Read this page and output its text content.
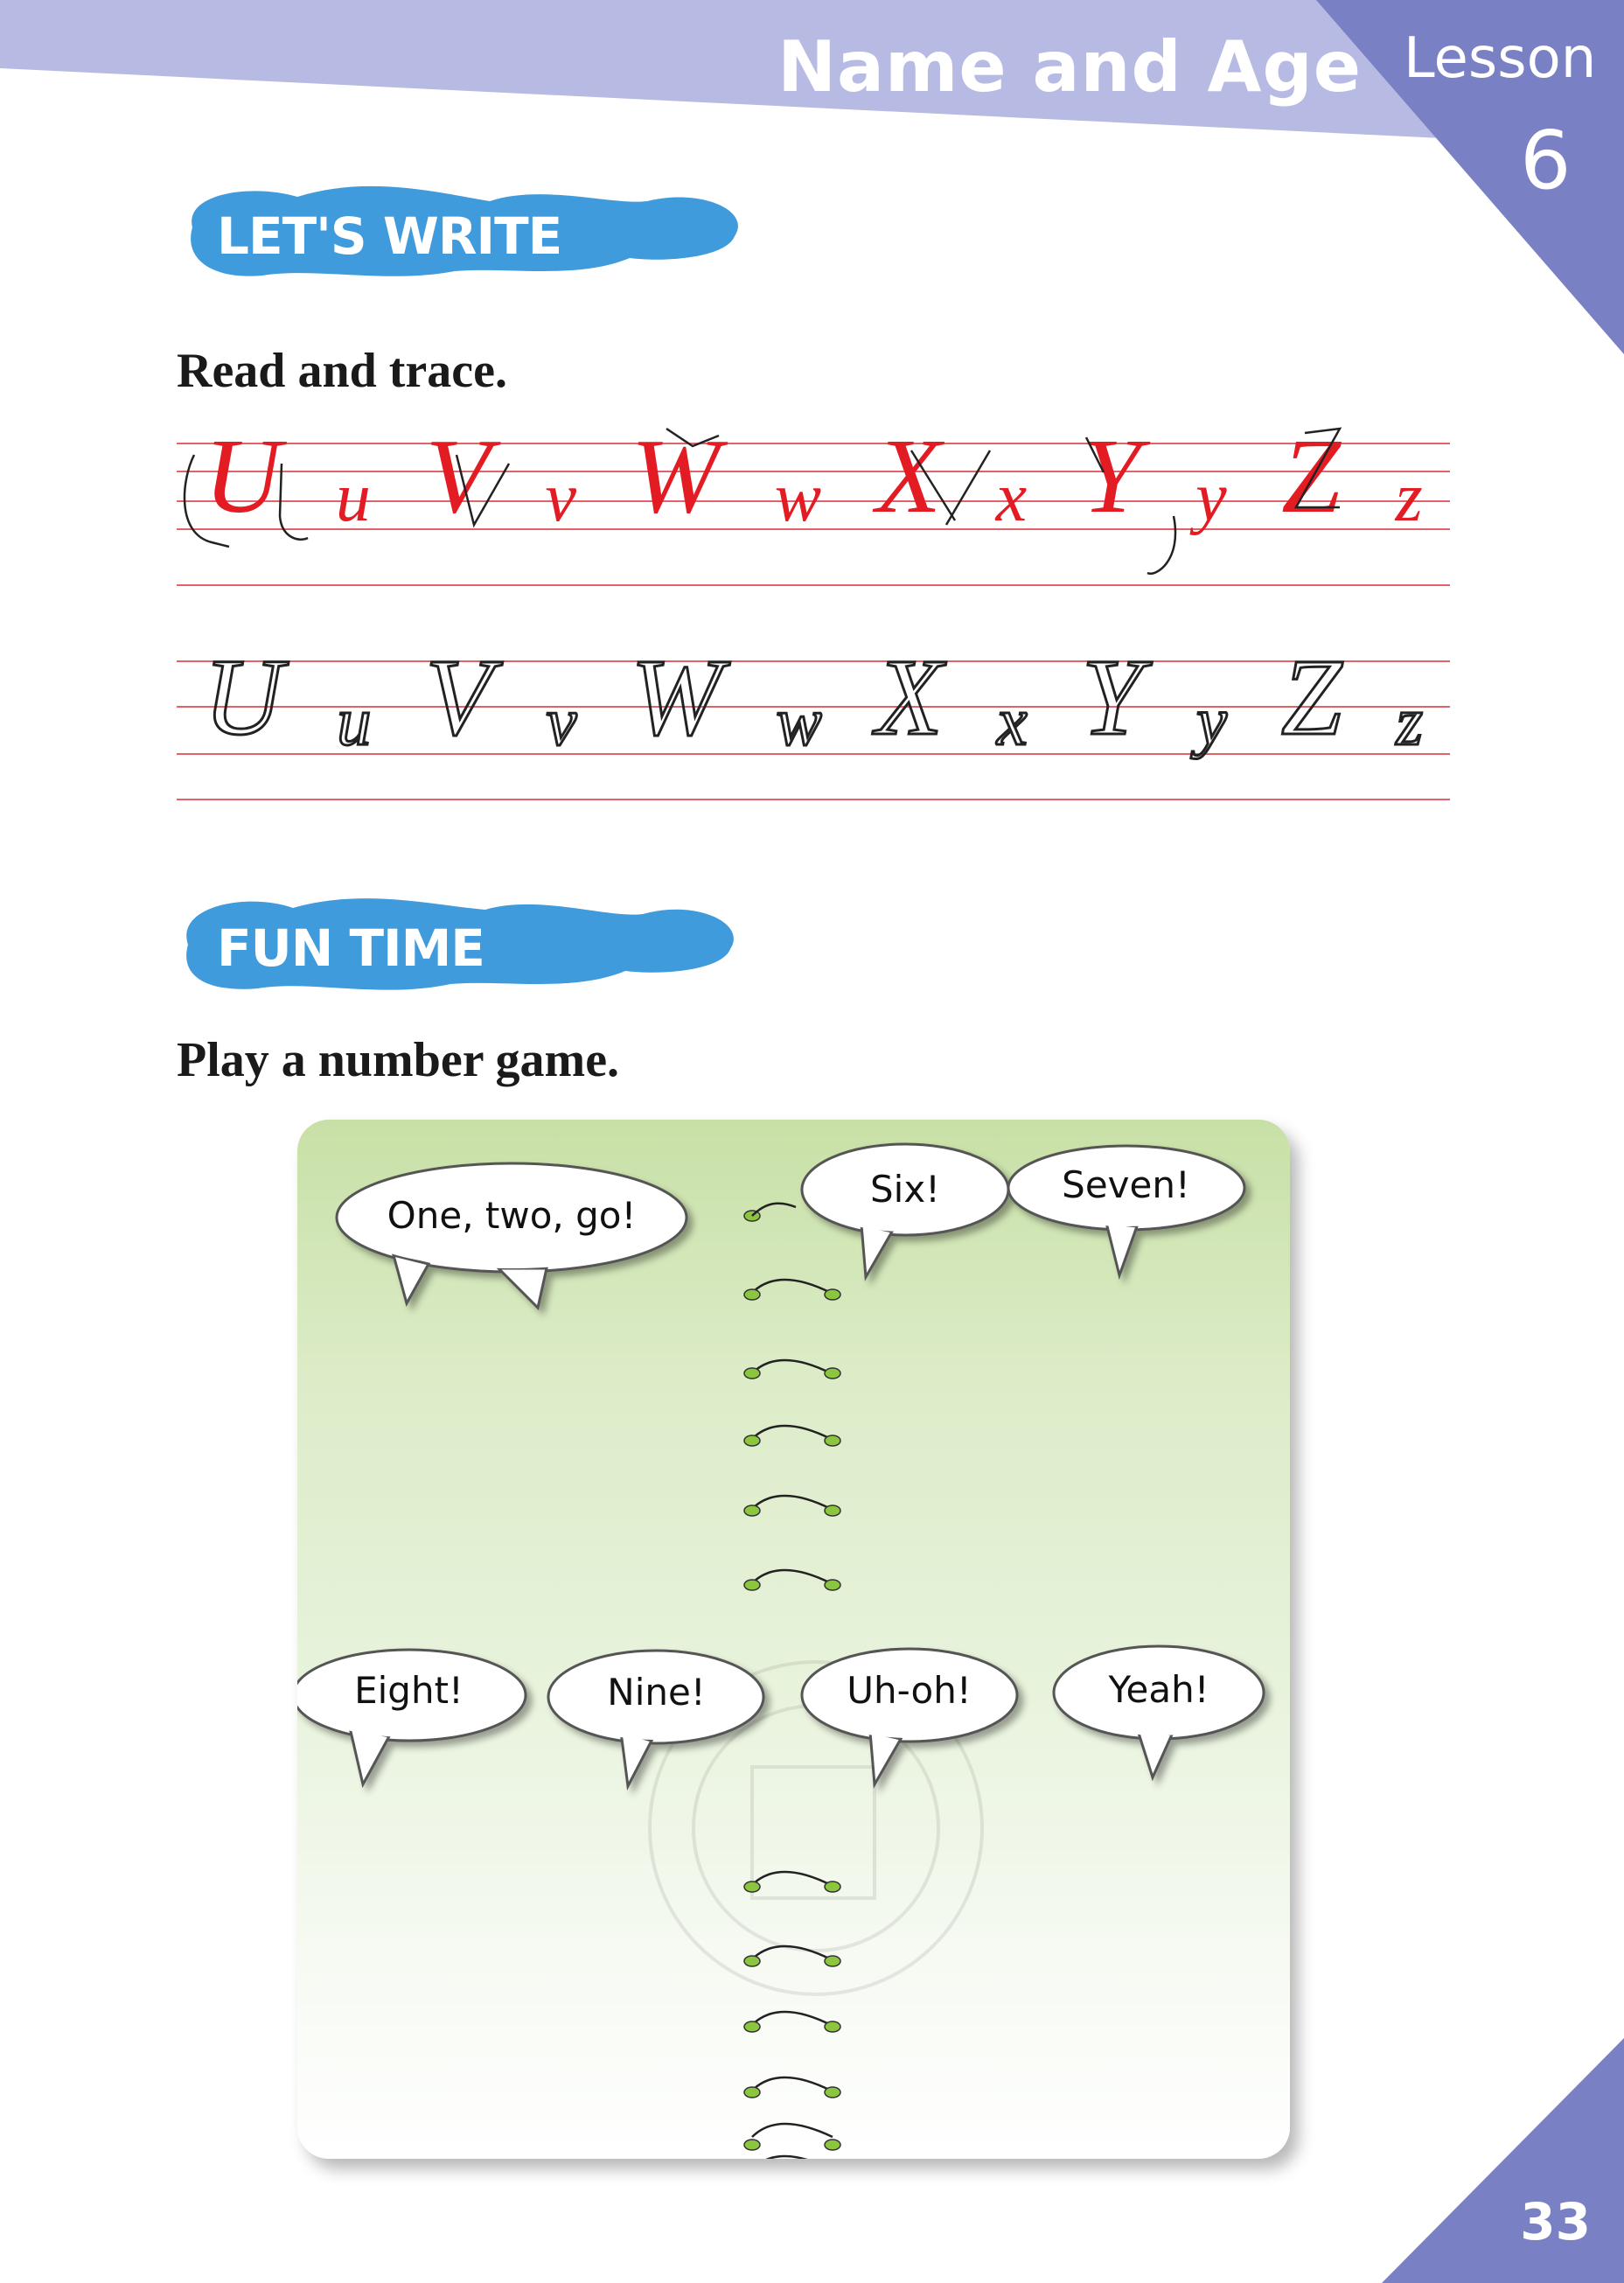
Name and Age Lesson
6
LET'S WRITE
Read and trace.
U u V v W w X x Y y Z z
U u V v W w X x Y y Z z
FUN TIME
Play a number game.
One, two, go!
Six!	Seven!
Eight!	Nine!	Uh-oh!	Yeah!
33
